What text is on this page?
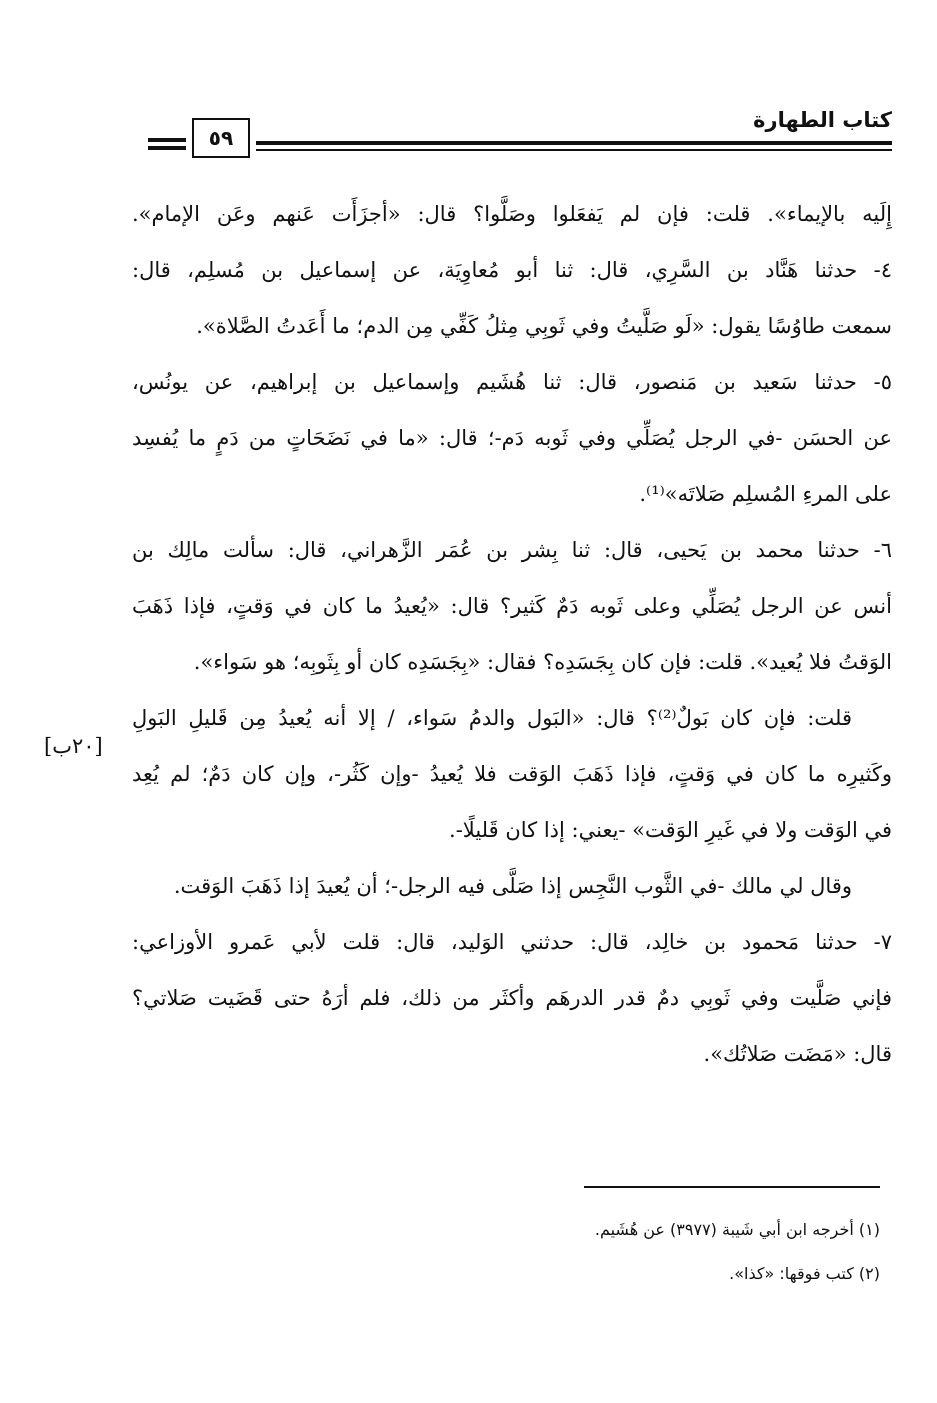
كتاب الطهارة
٥٩
إِلَيه بالإيماء». قلت: فإن لم يَفعَلوا وصَلَّوا؟ قال: «أجزَأَت عَنهم وعَن الإمام».
٤- حدثنا هَنَّاد بن السَّرِي، قال: ثنا أبو مُعاوِيَة، عن إسماعيل بن مُسلِم، قال:
سمعت طاوُسًا يقول: «لَو صَلَّيتُ وفي ثَوبِي مِثلُ كَفِّي مِن الدم؛ ما أَعَدتُ الصَّلاة».
٥- حدثنا سَعيد بن مَنصور، قال: ثنا هُشَيم وإسماعيل بن إبراهيم، عن يونُس،
عن الحسَن -في الرجل يُصَلِّي وفي ثَوبه دَم-؛ قال: «ما في نَضَحَاتٍ من دَمٍ ما يُفسِد
على المرءِ المُسلِم صَلاتَه»⁽¹⁾.
٦- حدثنا محمد بن يَحيى، قال: ثنا بِشر بن عُمَر الزَّهراني، قال: سألت مالِك بن
أنس عن الرجل يُصَلِّي وعلى ثَوبه دَمٌ كَثير؟ قال: «يُعيدُ ما كان في وَقتٍ، فإذا ذَهَبَ
الوَقتُ فلا يُعيد». قلت: فإن كان بِجَسَدِه؟ فقال: «بِجَسَدِه كان أو بِثَوبِه؛ هو سَواء».
قلت: فإن كان بَولٌ⁽²⁾؟ قال: «البَول والدمُ سَواء، / إلا أنه يُعيدُ مِن قَليلِ البَولِ
وكَثيرِه ما كان في وَقتٍ، فإذا ذَهَبَ الوَقت فلا يُعيدُ -وإن كَثُر-، وإن كان دَمٌ؛ لم يُعِد
في الوَقت ولا في غَيرِ الوَقت» -يعني: إذا كان قَليلًا-.
وقال لي مالك -في الثَّوب النَّجِس إذا صَلَّى فيه الرجل-؛ أن يُعيدَ إذا ذَهَبَ الوَقت.
٧- حدثنا مَحمود بن خالِد، قال: حدثني الوَليد، قال: قلت لأبي عَمرو الأوزاعي:
فإني صَلَّيت وفي ثَوبِي دمٌ قدر الدرهَم وأكثَر من ذلك، فلم أرَهُ حتى قَضَيت صَلاتي؟
قال: «مَضَت صَلاتُك».
[٢٠ب]
(١) أخرجه ابن أبي شَيبة (٣٩٧٧) عن هُشَيم.
(٢) كتب فوقها: «كذا».
